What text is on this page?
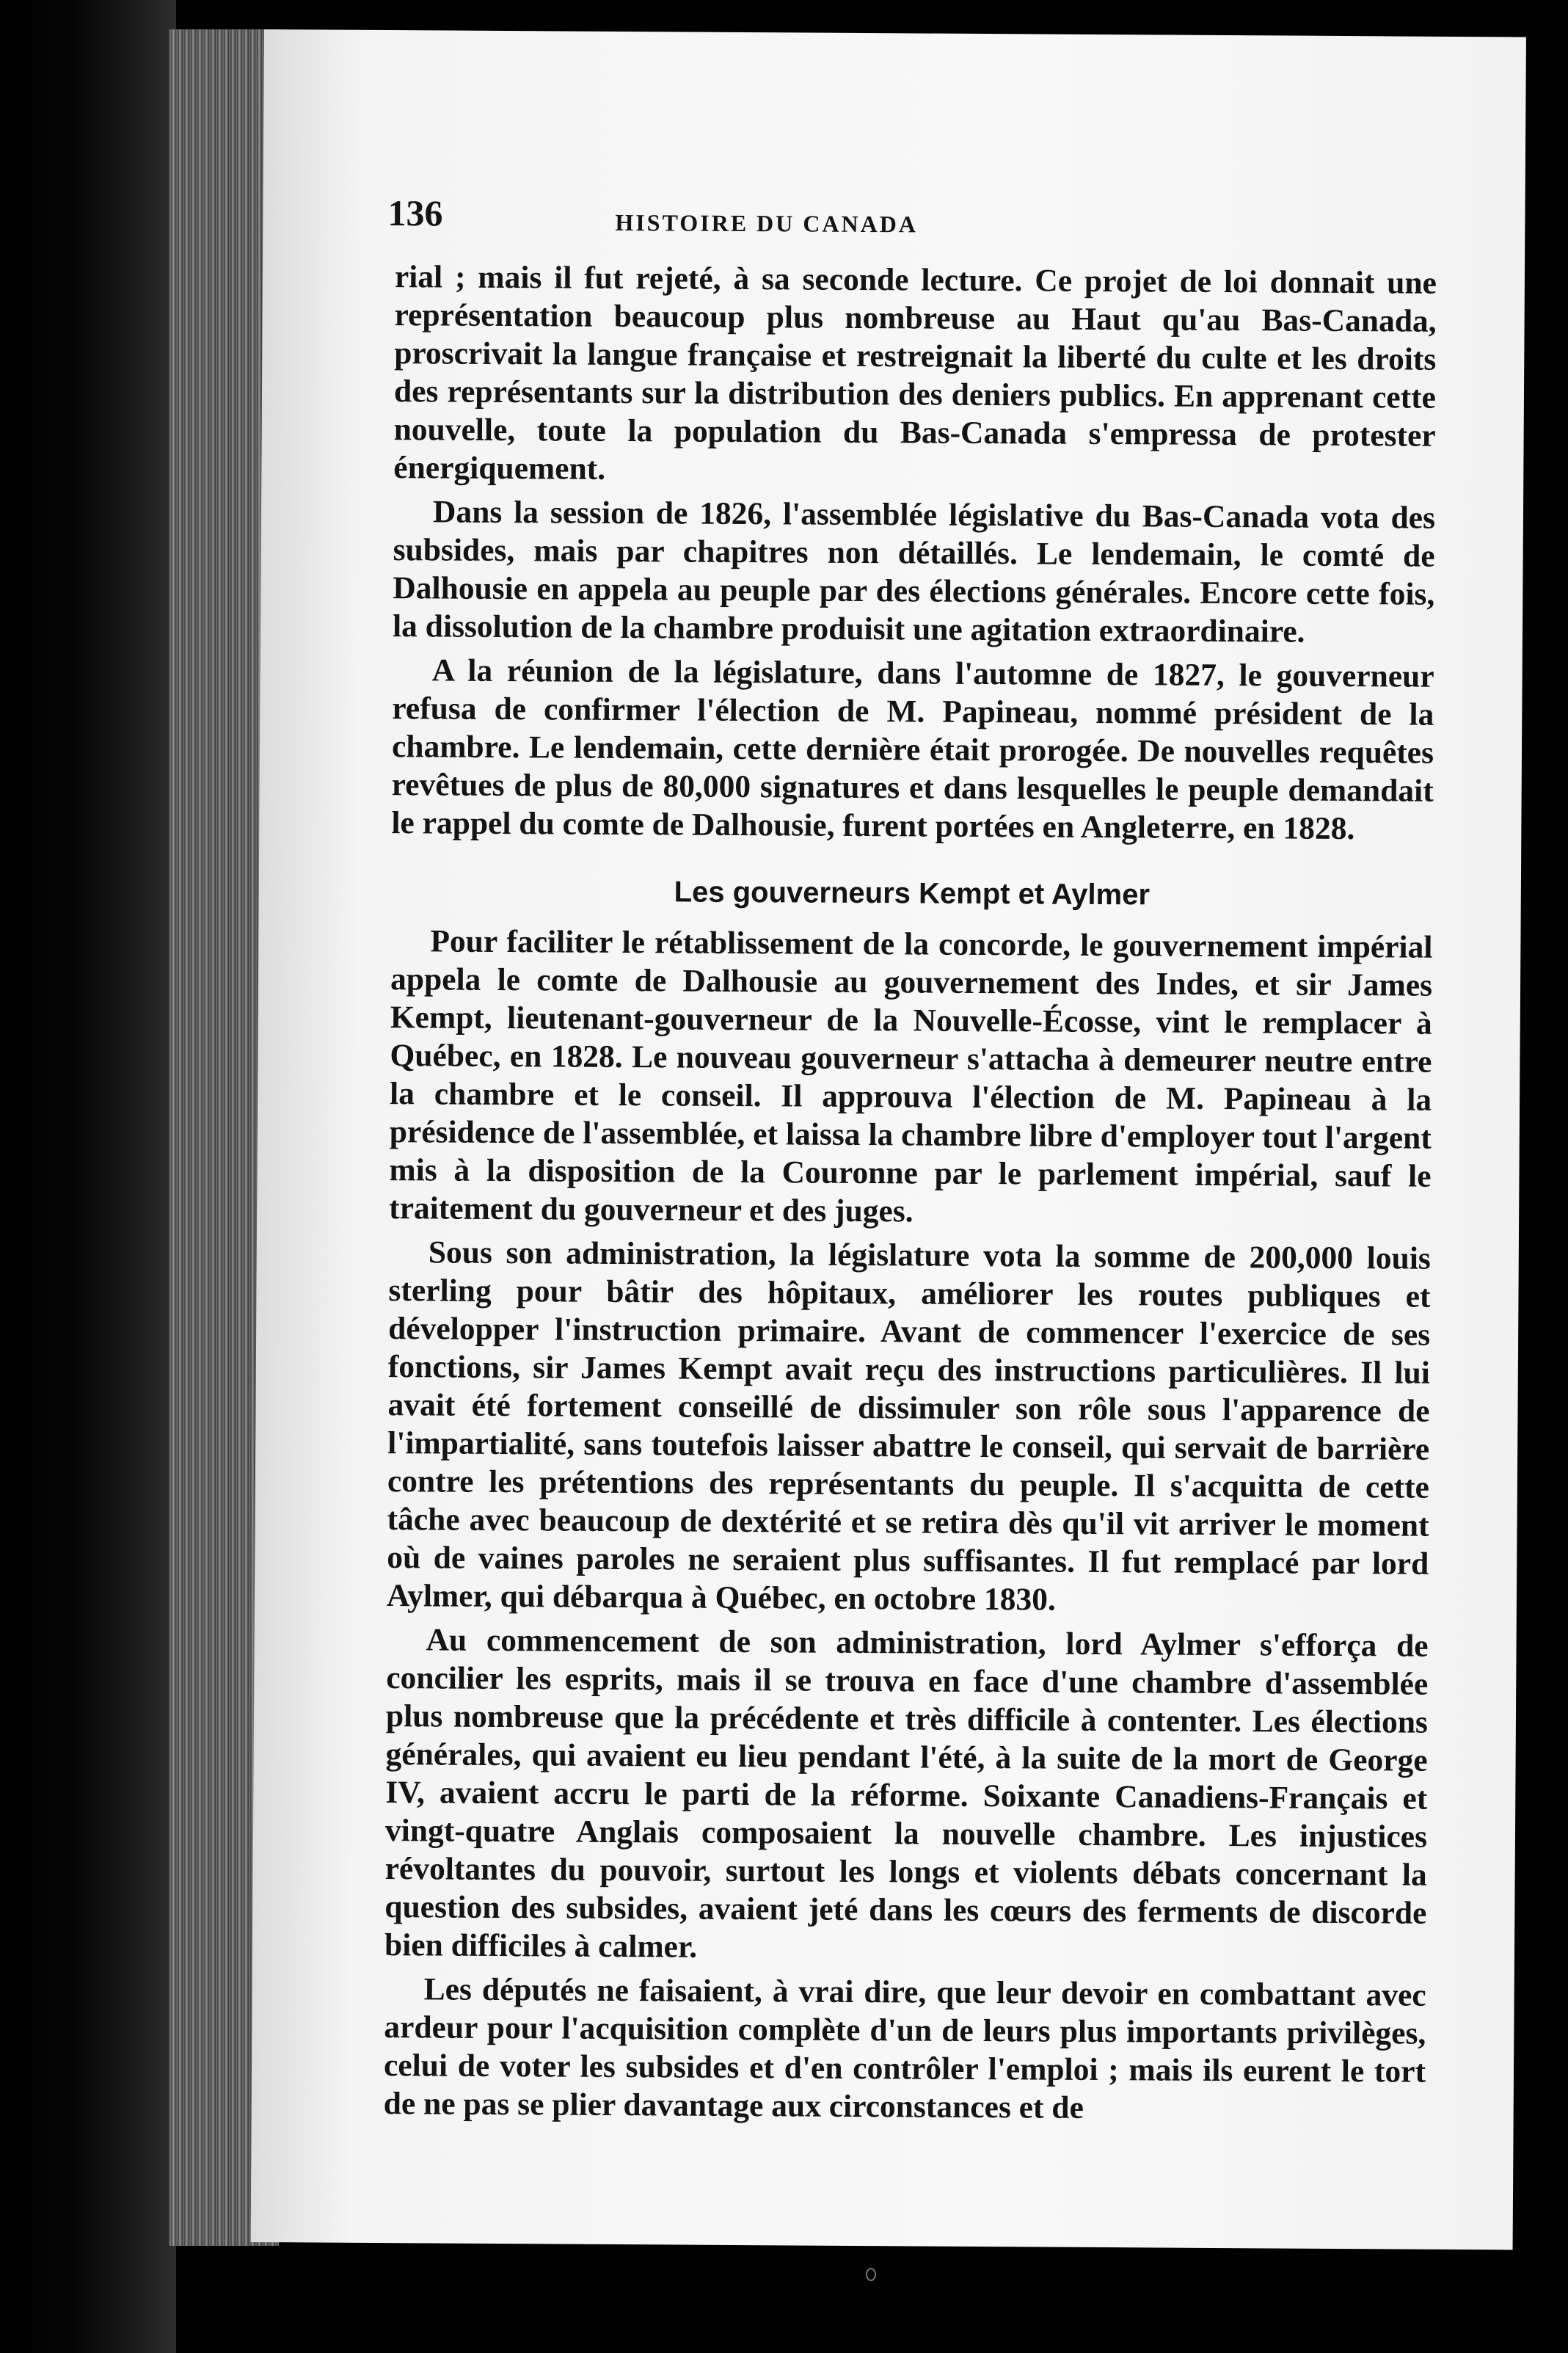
136	HISTOIRE DU CANADA

rial ; mais il fut rejeté, à sa seconde lecture. Ce projet de loi donnait une représentation beaucoup plus nombreuse au Haut qu'au Bas-Canada, proscrivait la langue française et restreignait la liberté du culte et les droits des représentants sur la distribution des deniers publics. En apprenant cette nouvelle, toute la population du Bas-Canada s'empressa de protester énergiquement.

Dans la session de 1826, l'assemblée législative du Bas-Canada vota des subsides, mais par chapitres non détaillés. Le lendemain, le comté de Dalhousie en appela au peuple par des élections générales. Encore cette fois, la dissolution de la chambre produisit une agitation extraordinaire.

A la réunion de la législature, dans l'automne de 1827, le gouverneur refusa de confirmer l'élection de M. Papineau, nommé président de la chambre. Le lendemain, cette dernière était prorogée. De nouvelles requêtes revêtues de plus de 80,000 signatures et dans lesquelles le peuple demandait le rappel du comte de Dalhousie, furent portées en Angleterre, en 1828.

Les gouverneurs Kempt et Aylmer

Pour faciliter le rétablissement de la concorde, le gouvernement impérial appela le comte de Dalhousie au gouvernement des Indes, et sir James Kempt, lieutenant-gouverneur de la Nouvelle-Écosse, vint le remplacer à Québec, en 1828. Le nouveau gouverneur s'attacha à demeurer neutre entre la chambre et le conseil. Il approuva l'élection de M. Papineau à la présidence de l'assemblée, et laissa la chambre libre d'employer tout l'argent mis à la disposition de la Couronne par le parlement impérial, sauf le traitement du gouverneur et des juges.

Sous son administration, la législature vota la somme de 200,000 louis sterling pour bâtir des hôpitaux, améliorer les routes publiques et développer l'instruction primaire. Avant de commencer l'exercice de ses fonctions, sir James Kempt avait reçu des instructions particulières. Il lui avait été fortement conseillé de dissimuler son rôle sous l'apparence de l'impartialité, sans toutefois laisser abattre le conseil, qui servait de barrière contre les prétentions des représentants du peuple. Il s'acquitta de cette tâche avec beaucoup de dextérité et se retira dès qu'il vit arriver le moment où de vaines paroles ne seraient plus suffisantes. Il fut remplacé par lord Aylmer, qui débarqua à Québec, en octobre 1830.

Au commencement de son administration, lord Aylmer s'efforça de concilier les esprits, mais il se trouva en face d'une chambre d'assemblée plus nombreuse que la précédente et très difficile à contenter. Les élections générales, qui avaient eu lieu pendant l'été, à la suite de la mort de George IV, avaient accru le parti de la réforme. Soixante Canadiens-Français et vingt-quatre Anglais composaient la nouvelle chambre. Les injustices révoltantes du pouvoir, surtout les longs et violents débats concernant la question des subsides, avaient jeté dans les cœurs des ferments de discorde bien difficiles à calmer.

Les députés ne faisaient, à vrai dire, que leur devoir en combattant avec ardeur pour l'acquisition complète d'un de leurs plus importants privilèges, celui de voter les subsides et d'en contrôler l'emploi ; mais ils eurent le tort de ne pas se plier davantage aux circonstances et de
